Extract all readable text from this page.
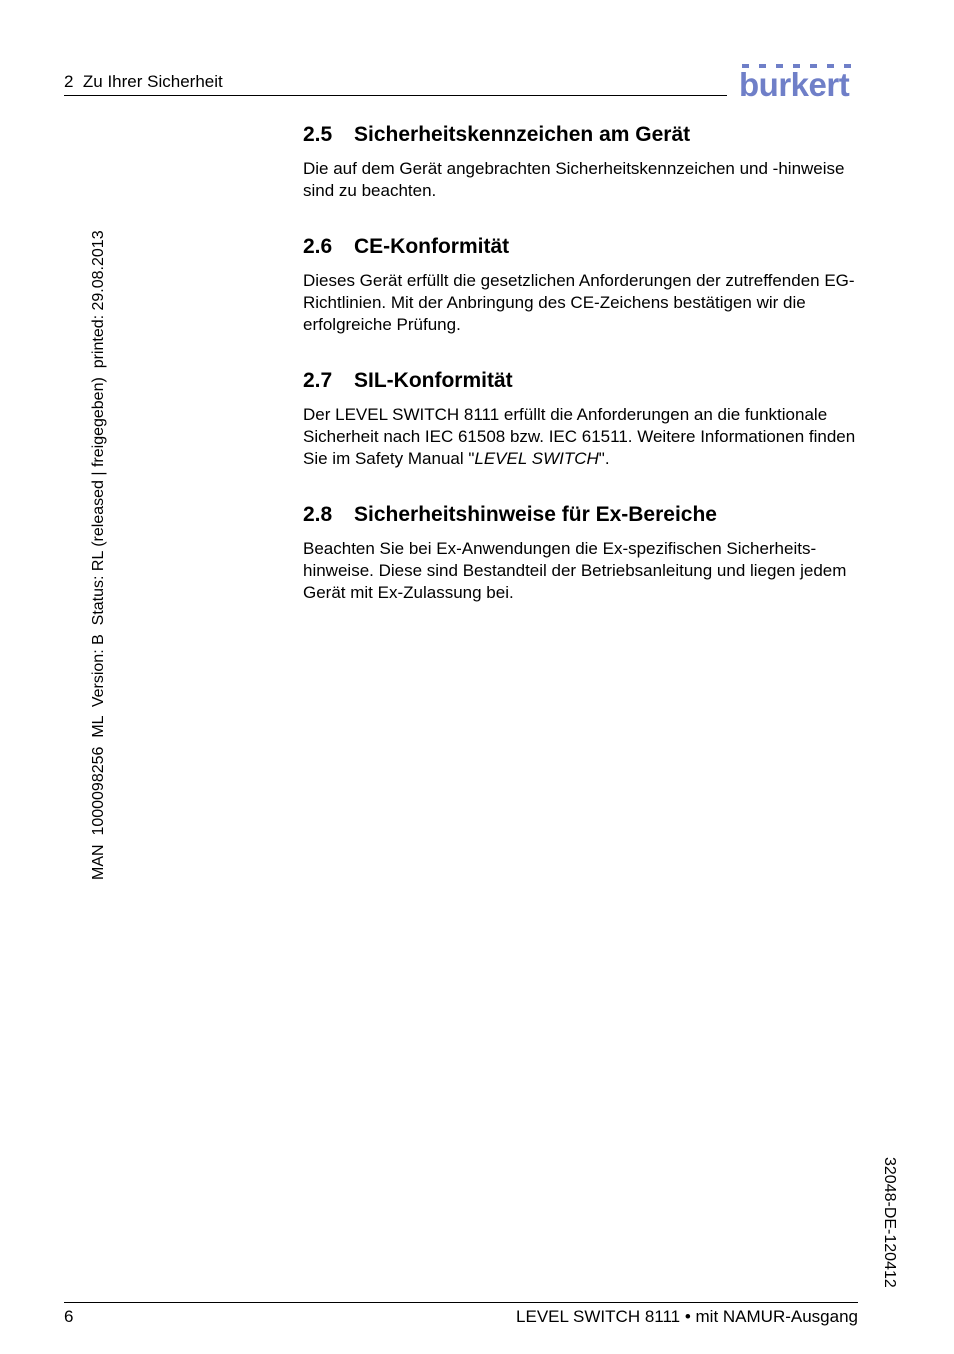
2  Zu Ihrer Sicherheit	burkert
MAN  1000098256  ML  Version: B  Status: RL (released | freigegeben)  printed: 29.08.2013
32048-DE-120412
2.5 Sicherheitskennzeichen am Gerät

Die auf dem Gerät angebrachten Sicherheitskennzeichen und -hinweise sind zu beachten.

2.6 CE-Konformität

Dieses Gerät erfüllt die gesetzlichen Anforderungen der zutreffenden EG-Richtlinien. Mit der Anbringung des CE-Zeichens bestätigen wir die erfolgreiche Prüfung.

2.7 SIL-Konformität

Der LEVEL SWITCH 8111 erfüllt die Anforderungen an die funktionale Sicherheit nach IEC 61508 bzw. IEC 61511. Weitere Informationen finden Sie im Safety Manual "LEVEL SWITCH".

2.8 Sicherheitshinweise für Ex-Bereiche

Beachten Sie bei Ex-Anwendungen die Ex-spezifischen Sicherheits-hinweise. Diese sind Bestandteil der Betriebsanleitung und liegen jedem Gerät mit Ex-Zulassung bei.

6	LEVEL SWITCH 8111 • mit NAMUR-Ausgang
